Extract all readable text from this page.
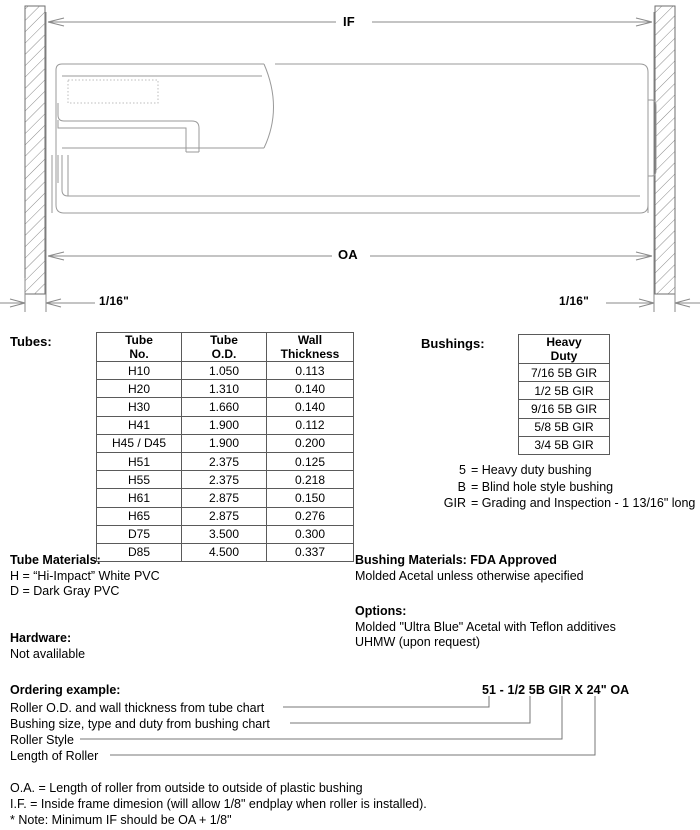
IF
OA
1/16"	1/16"
Tubes:	Tube
No.

Tube
O.D.

Wall
Thickness

H10	1.050	0.113
H20	1.310	0.140
H30	1.660	0.140
H41	1.900	0.112
H45 / D45	1.900	0.200
H51	2.375	0.125
H55	2.375	0.218
H61	2.875	0.150
H65	2.875	0.276
D75	3.500	0.300
D85	4.500	0.337
Bushings:	Heavy
Duty

7/16 5B GIR
1/2 5B GIR
9/16 5B GIR
5/8 5B GIR
3/4 5B GIR
5 = Heavy duty bushing
B = Blind hole style bushing
GIR = Grading and Inspection - 1 13/16" long
Tube Materials:
H = “Hi-Impact” White PVC
D = Dark Gray PVC
Hardware:
Not avalilable
Bushing Materials: FDA Approved
Molded Acetal unless otherwise apecified
Options:
Molded "Ultra Blue" Acetal with Teflon additives
UHMW (upon request)
Ordering example:	51 - 1/2 5B GIR X 24" OA
Roller O.D. and wall thickness from tube chart
Bushing size, type and duty from bushing chart
Roller Style
Length of Roller
O.A. = Length of roller from outside to outside of plastic bushing
I.F. = Inside frame dimesion (will allow 1/8" endplay when roller is installed).
* Note: Minimum IF should be OA + 1/8"
